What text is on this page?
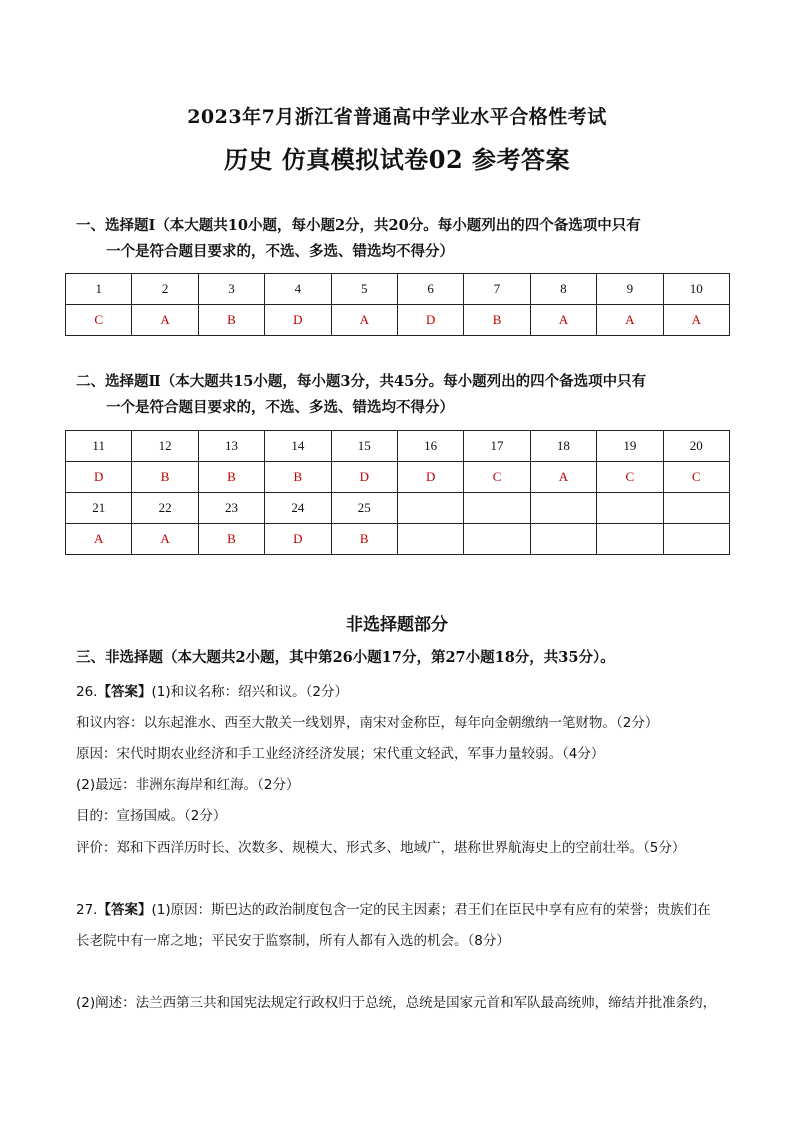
2023年7月浙江省普通高中学业水平合格性考试
历史 仿真模拟试卷02 参考答案
一、选择题Ⅰ（本大题共10小题，每小题2分，共20分。每小题列出的四个备选项中只有
一个是符合题目要求的，不选、多选、错选均不得分）
1	2	3	4	5	6	7	8	9	10
C	A	B	D	A	D	B	A	A	A
二、选择题Ⅱ（本大题共15小题，每小题3分，共45分。每小题列出的四个备选项中只有
一个是符合题目要求的，不选、多选、错选均不得分）
11	12	13	14	15	16	17	18	19	20
D	B	B	B	D	D	C	A	C	C
21	22	23	24	25					
A	A	B	D	B					
非选择题部分
三、非选择题（本大题共2小题，其中第26小题17分，第27小题18分，共35分）。
26.【答案】(1)和议名称：绍兴和议。（2分）
和议内容：以东起淮水、西至大散关一线划界，南宋对金称臣，每年向金朝缴纳一笔财物。（2分）
原因：宋代时期农业经济和手工业经济经济发展；宋代重文轻武，军事力量较弱。（4分）
(2)最远：非洲东海岸和红海。（2分）
目的：宣扬国威。（2分）
评价：郑和下西洋历时长、次数多、规模大、形式多、地域广，堪称世界航海史上的空前壮举。（5分）
27.【答案】(1)原因：斯巴达的政治制度包含一定的民主因素；君王们在臣民中享有应有的荣誉；贵族们在
长老院中有一席之地；平民安于监察制，所有人都有入选的机会。（8分）
(2)阐述：法兰西第三共和国宪法规定行政权归于总统，总统是国家元首和军队最高统帅，缔结并批准条约，
